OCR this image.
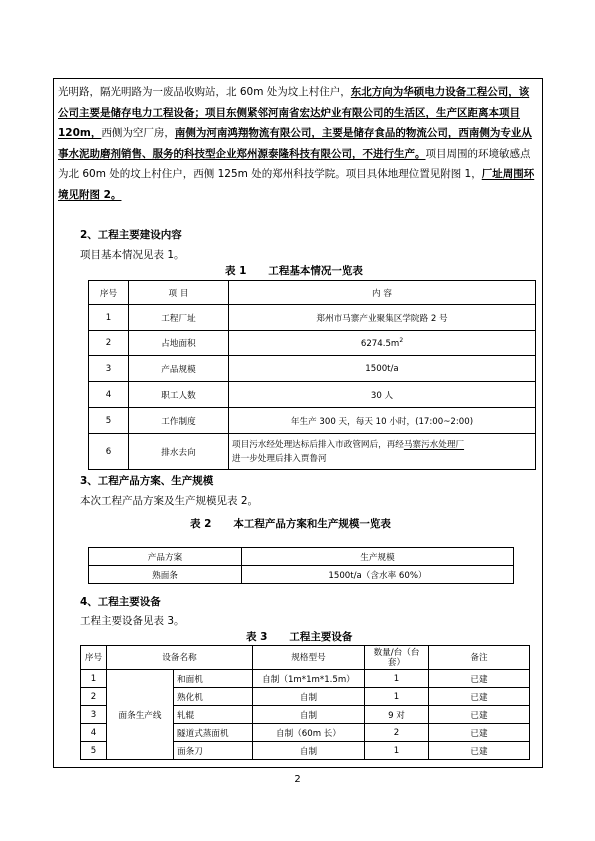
光明路，隔光明路为一废品收购站，北 60m 处为坟上村住户，东北方向为华硕电力设备工程公司，该公司主要是储存电力工程设备；项目东侧紧邻河南省宏达炉业有限公司的生活区，生产区距离本项目 120m，西侧为空厂房，南侧为河南鸿翔物流有限公司，主要是储存食品的物流公司，西南侧为专业从事水泥助磨剂销售、服务的科技型企业郑州源泰隆科技有限公司，不进行生产。项目周围的环境敏感点为北 60m 处的坟上村住户，西侧 125m 处的郑州科技学院。项目具体地理位置见附图 1，厂址周围环境见附图 2。
2、工程主要建设内容
项目基本情况见表 1。
表 1      工程基本情况一览表
序号	项 目	内 容
1	工程厂址	郑州市马寨产业聚集区学院路 2 号
2	占地面积	$6274.5m^2$
3	产品规模	1500t/a
4	职工人数	30 人
5	工作制度	年生产 300 天，每天 10 小时，(17:00~2:00)
6	排水去向	项目污水经处理达标后排入市政管网后，再经马寨污水处理厂
进一步处理后排入贾鲁河
3、工程产品方案、生产规模
本次工程产品方案及生产规模见表 2。
表 2      本工程产品方案和生产规模一览表
产品方案	生产规模
熟面条	1500t/a（含水率 60%）
4、工程主要设备
工程主要设备见表 3。
表 3      工程主要设备
序号	设备名称		规格型号	数量/台（台套）	备注
1	面条生产线	和面机	自制（1m*1m*1.5m）	1	已建
2		熟化机	自制	1	已建
3		轧辊	自制	9 对	已建
4		隧道式蒸面机	自制（60m 长）	2	已建
5		面条刀	自制	1	已建
2
